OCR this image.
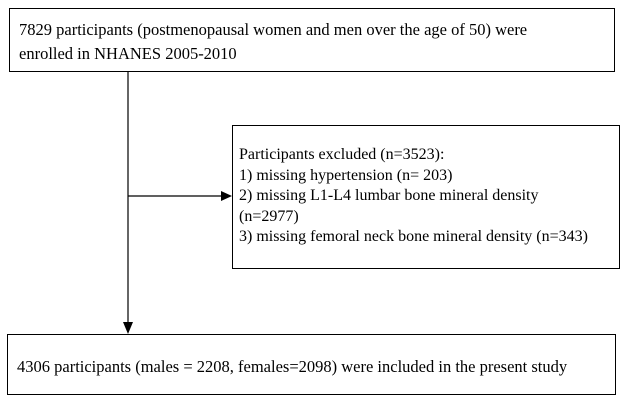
7829 participants (postmenopausal women and men over the age of 50) were
enrolled in NHANES 2005-2010
Participants excluded (n=3523):
1) missing hypertension (n= 203)
2) missing L1-L4 lumbar bone mineral density
(n=2977)
3) missing femoral neck bone mineral density (n=343)
4306 participants (males = 2208, females=2098) were included in the present study
